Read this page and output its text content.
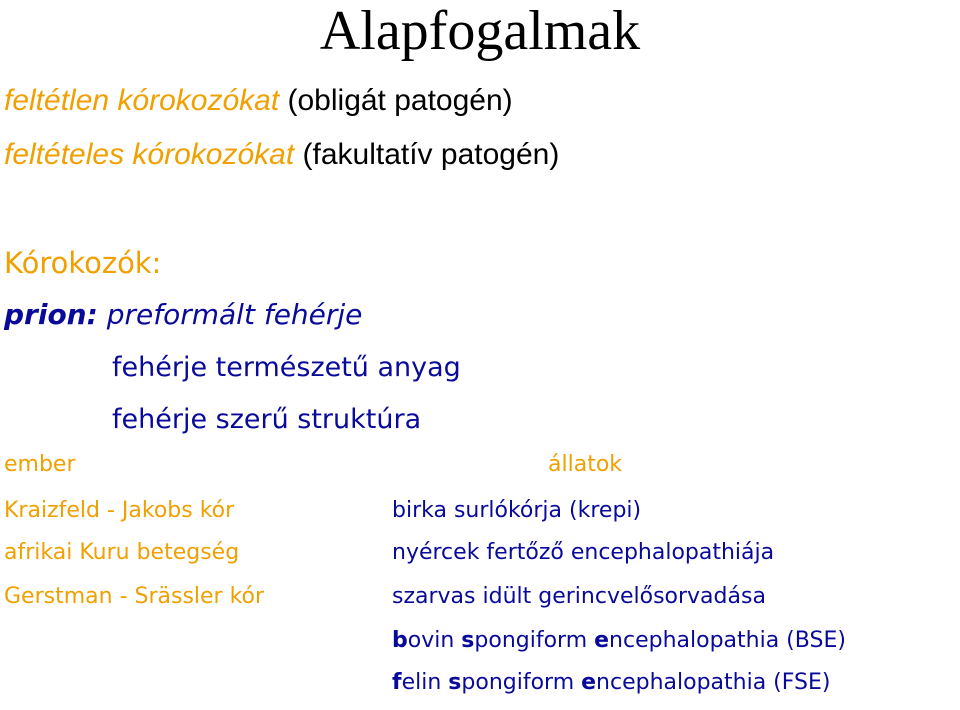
Alapfogalmak
feltétlen kórokozókat (obligát patogén)
feltételes kórokozókat (fakultatív patogén)
Kórokozók:
prion: preformált fehérje
fehérje természetű anyag
fehérje szerű struktúra
ember	állatok
Kraizfeld - Jakobs kór
afrikai Kuru betegség
Gerstman - Srässler kór
birka surlókórja (krepi)
nyércek fertőző encephalopathiája
szarvas idült gerincvelősorvadása
bovin spongiform encephalopathia (BSE)
felin spongiform encephalopathia (FSE)
